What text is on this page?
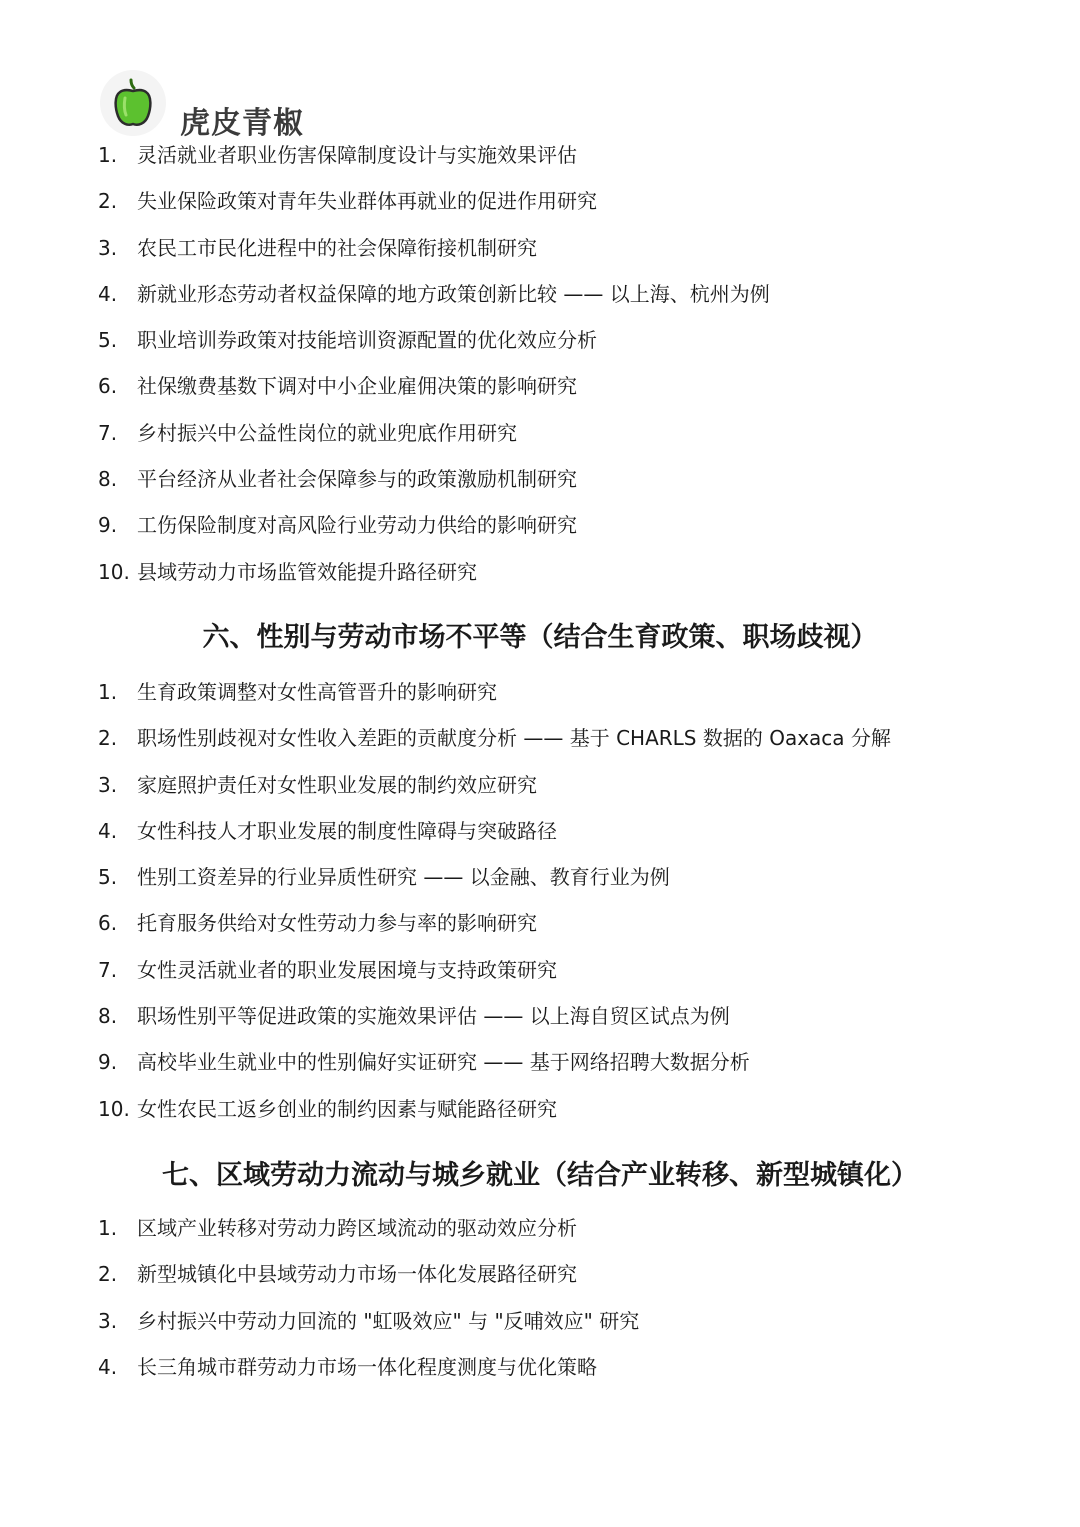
虎皮青椒
1. 灵活就业者职业伤害保障制度设计与实施效果评估
2. 失业保险政策对青年失业群体再就业的促进作用研究
3. 农民工市民化进程中的社会保障衔接机制研究
4. 新就业形态劳动者权益保障的地方政策创新比较 —— 以上海、杭州为例
5. 职业培训券政策对技能培训资源配置的优化效应分析
6. 社保缴费基数下调对中小企业雇佣决策的影响研究
7. 乡村振兴中公益性岗位的就业兜底作用研究
8. 平台经济从业者社会保障参与的政策激励机制研究
9. 工伤保险制度对高风险行业劳动力供给的影响研究
10. 县域劳动力市场监管效能提升路径研究
六、性别与劳动市场不平等（结合生育政策、职场歧视）
1. 生育政策调整对女性高管晋升的影响研究
2. 职场性别歧视对女性收入差距的贡献度分析 —— 基于 CHARLS 数据的 Oaxaca 分解
3. 家庭照护责任对女性职业发展的制约效应研究
4. 女性科技人才职业发展的制度性障碍与突破路径
5. 性别工资差异的行业异质性研究 —— 以金融、教育行业为例
6. 托育服务供给对女性劳动力参与率的影响研究
7. 女性灵活就业者的职业发展困境与支持政策研究
8. 职场性别平等促进政策的实施效果评估 —— 以上海自贸区试点为例
9. 高校毕业生就业中的性别偏好实证研究 —— 基于网络招聘大数据分析
10. 女性农民工返乡创业的制约因素与赋能路径研究
七、区域劳动力流动与城乡就业（结合产业转移、新型城镇化）
1. 区域产业转移对劳动力跨区域流动的驱动效应分析
2. 新型城镇化中县域劳动力市场一体化发展路径研究
3. 乡村振兴中劳动力回流的 "虹吸效应" 与 "反哺效应" 研究
4. 长三角城市群劳动力市场一体化程度测度与优化策略
